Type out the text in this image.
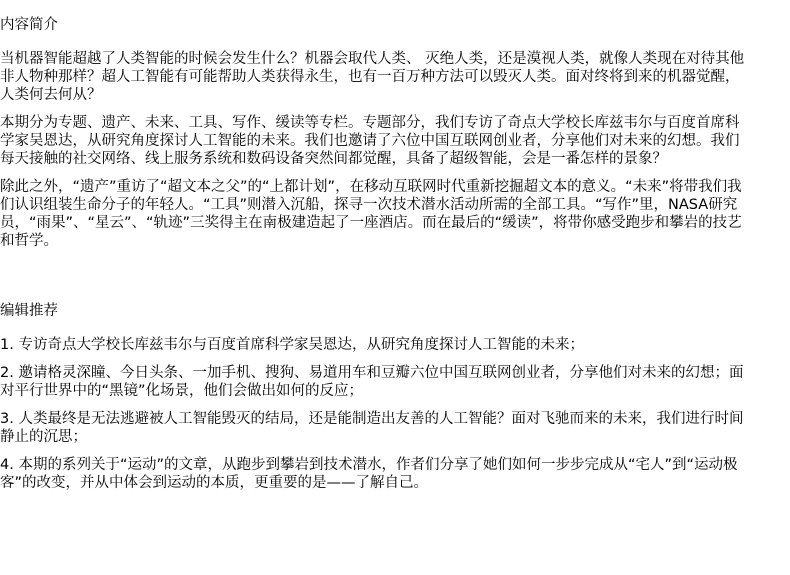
内容简介

当机器智能超越了人类智能的时候会发生什么？机器会取代人类、 灭绝人类，还是漠视人类，就像人类现在对待其他非人物种那样？超人工智能有可能帮助人类获得永生，也有一百万种方法可以毁灭人类。面对终将到来的机器觉醒，人类何去何从？

本期分为专题、遗产、未来、工具、写作、缓读等专栏。专题部分，我们专访了奇点大学校长库兹韦尔与百度首席科学家吴恩达，从研究角度探讨人工智能的未来。我们也邀请了六位中国互联网创业者，分享他们对未来的幻想。我们每天接触的社交网络、线上服务系统和数码设备突然间都觉醒，具备了超级智能，会是一番怎样的景象？

除此之外，“遗产”重访了“超文本之父”的“上都计划”，在移动互联网时代重新挖掘超文本的意义。“未来”将带我们我们认识组装生命分子的年轻人。“工具”则潜入沉船，探寻一次技术潜水活动所需的全部工具。“写作”里，NASA研究员，“雨果”、“星云”、“轨迹”三奖得主在南极建造起了一座酒店。而在最后的“缓读”，将带你感受跑步和攀岩的技艺和哲学。

编辑推荐

1. 专访奇点大学校长库兹韦尔与百度首席科学家吴恩达，从研究角度探讨人工智能的未来；

2. 邀请格灵深瞳、今日头条、一加手机、搜狗、易道用车和豆瓣六位中国互联网创业者，分享他们对未来的幻想；面对平行世界中的“黑镜”化场景，他们会做出如何的反应；

3. 人类最终是无法逃避被人工智能毁灭的结局，还是能制造出友善的人工智能？面对飞驰而来的未来，我们进行时间静止的沉思；

4. 本期的系列关于“运动”的文章，从跑步到攀岩到技术潜水，作者们分享了她们如何一步步完成从“宅人”到“运动极客”的改变，并从中体会到运动的本质，更重要的是——了解自己。
